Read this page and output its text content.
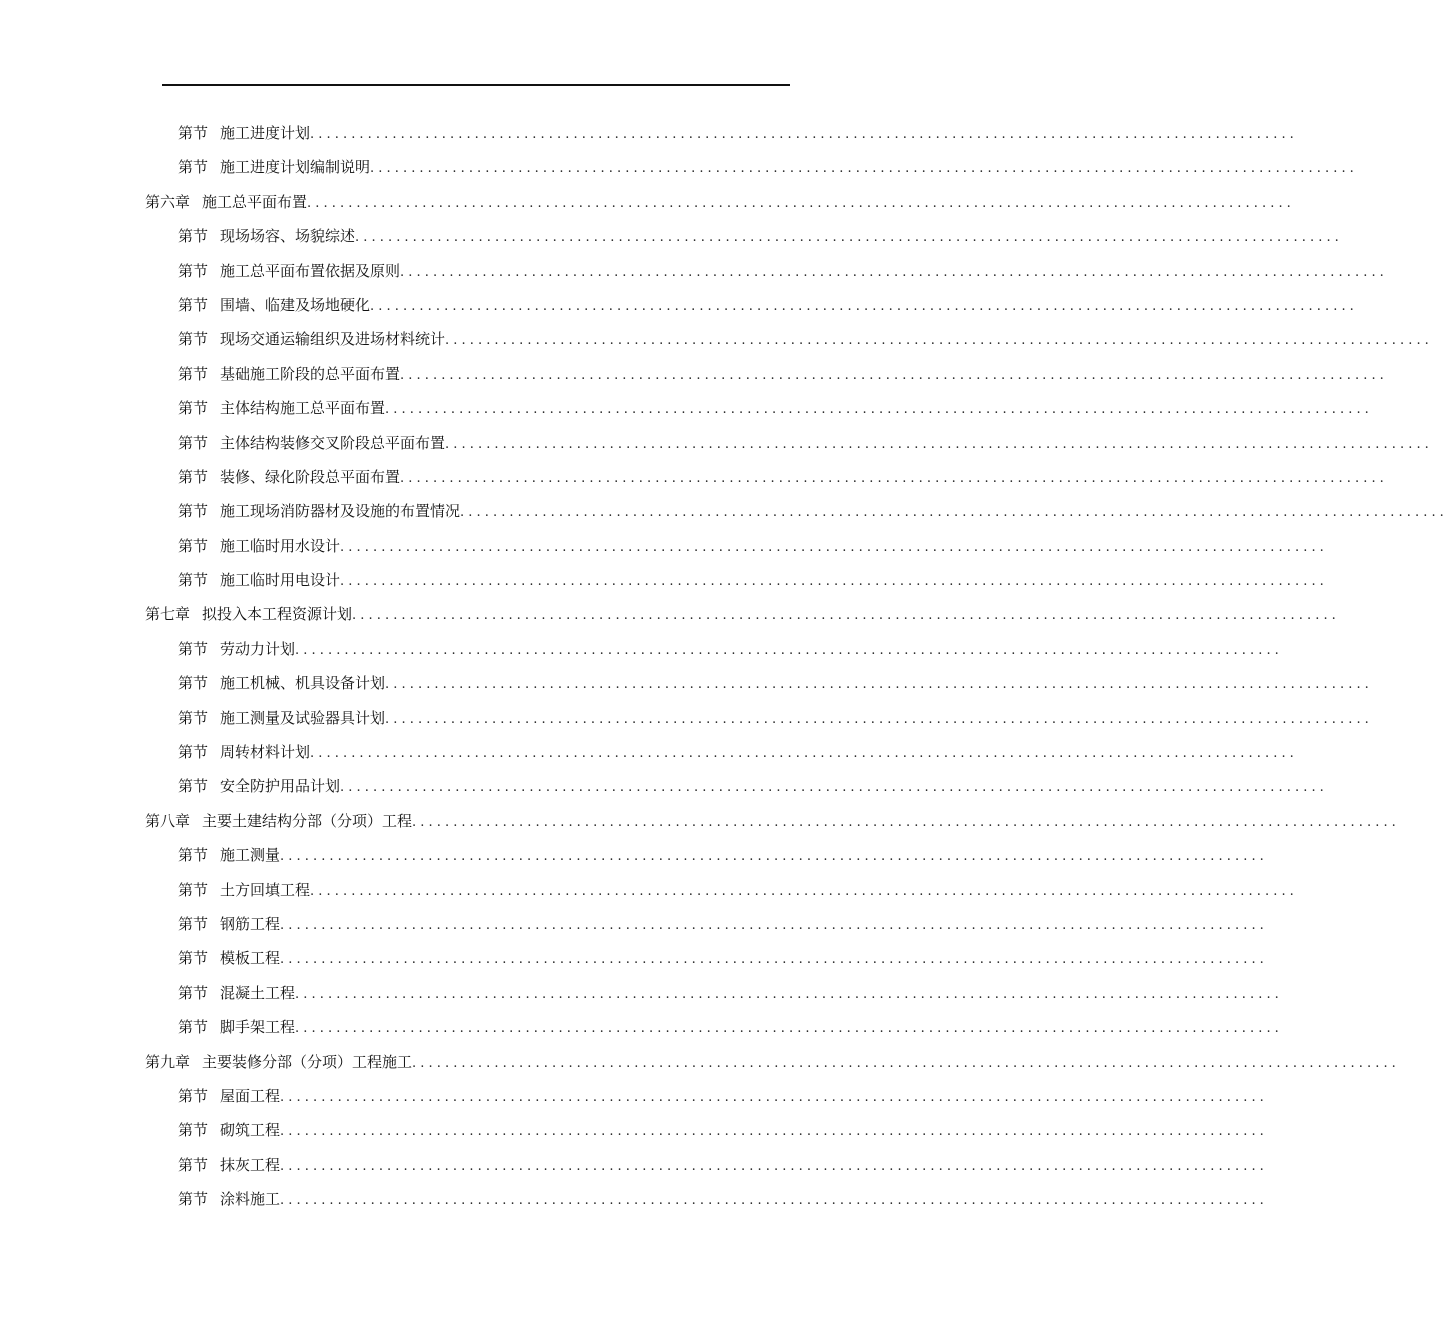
第节 施工进度计划 ........................................................................................................................
第节 施工进度计划编制说明 ........................................................................................................................
第六章 施工总平面布置 ........................................................................................................................
第节 现场场容、场貌综述 ........................................................................................................................
第节 施工总平面布置依据及原则 ........................................................................................................................
第节 围墙、临建及场地硬化 ........................................................................................................................
第节 现场交通运输组织及进场材料统计 ........................................................................................................................
第节 基础施工阶段的总平面布置 ........................................................................................................................
第节 主体结构施工总平面布置 ........................................................................................................................
第节 主体结构装修交叉阶段总平面布置 ........................................................................................................................
第节 装修、绿化阶段总平面布置 ........................................................................................................................
第节 施工现场消防器材及设施的布置情况 ........................................................................................................................
第节 施工临时用水设计 ........................................................................................................................
第节 施工临时用电设计 ........................................................................................................................
第七章 拟投入本工程资源计划 ........................................................................................................................
第节 劳动力计划 ........................................................................................................................
第节 施工机械、机具设备计划 ........................................................................................................................
第节 施工测量及试验器具计划 ........................................................................................................................
第节 周转材料计划 ........................................................................................................................
第节 安全防护用品计划 ........................................................................................................................
第八章 主要土建结构分部（分项）工程 ........................................................................................................................
第节 施工测量 ........................................................................................................................
第节 土方回填工程 ........................................................................................................................
第节 钢筋工程 ........................................................................................................................
第节 模板工程 ........................................................................................................................
第节 混凝土工程 ........................................................................................................................
第节 脚手架工程 ........................................................................................................................
第九章 主要装修分部（分项）工程施工 ........................................................................................................................
第节 屋面工程 ........................................................................................................................
第节 砌筑工程 ........................................................................................................................
第节 抹灰工程 ........................................................................................................................
第节 涂料施工 ........................................................................................................................
